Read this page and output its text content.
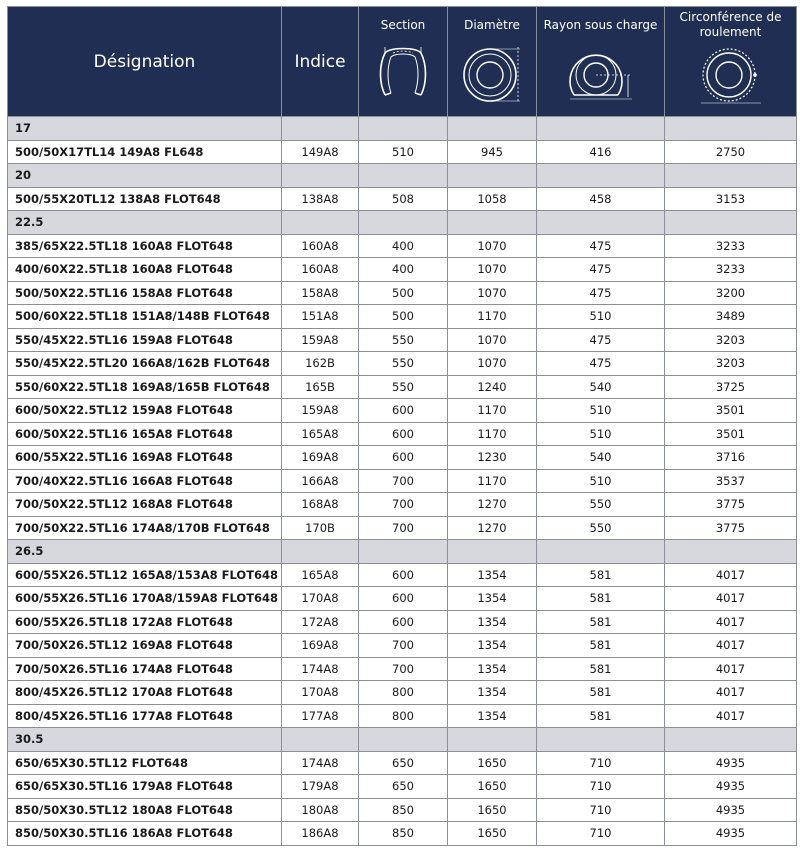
Désignation	Indice	Section	Diamètre	Rayon sous charge	Circonférence de roulement

17					
500/50X17TL14 149A8 FL648	149A8	510	945	416	2750
20					
500/55X20TL12 138A8 FLOT648	138A8	508	1058	458	3153
22.5					
385/65X22.5TL18 160A8 FLOT648	160A8	400	1070	475	3233
400/60X22.5TL18 160A8 FLOT648	160A8	400	1070	475	3233
500/50X22.5TL16 158A8 FLOT648	158A8	500	1070	475	3200
500/60X22.5TL18 151A8/148B FLOT648	151A8	500	1170	510	3489
550/45X22.5TL16 159A8 FLOT648	159A8	550	1070	475	3203
550/45X22.5TL20 166A8/162B FLOT648	162B	550	1070	475	3203
550/60X22.5TL18 169A8/165B FLOT648	165B	550	1240	540	3725
600/50X22.5TL12 159A8 FLOT648	159A8	600	1170	510	3501
600/50X22.5TL16 165A8 FLOT648	165A8	600	1170	510	3501
600/55X22.5TL16 169A8 FLOT648	169A8	600	1230	540	3716
700/40X22.5TL16 166A8 FLOT648	166A8	700	1170	510	3537
700/50X22.5TL12 168A8 FLOT648	168A8	700	1270	550	3775
700/50X22.5TL16 174A8/170B FLOT648	170B	700	1270	550	3775
26.5					
600/55X26.5TL12 165A8/153A8 FLOT648	165A8	600	1354	581	4017
600/55X26.5TL16 170A8/159A8 FLOT648	170A8	600	1354	581	4017
600/55X26.5TL18 172A8 FLOT648	172A8	600	1354	581	4017
700/50X26.5TL12 169A8 FLOT648	169A8	700	1354	581	4017
700/50X26.5TL16 174A8 FLOT648	174A8	700	1354	581	4017
800/45X26.5TL12 170A8 FLOT648	170A8	800	1354	581	4017
800/45X26.5TL16 177A8 FLOT648	177A8	800	1354	581	4017
30.5					
650/65X30.5TL12 FLOT648	174A8	650	1650	710	4935
650/65X30.5TL16 179A8 FLOT648	179A8	650	1650	710	4935
850/50X30.5TL12 180A8 FLOT648	180A8	850	1650	710	4935
850/50X30.5TL16 186A8 FLOT648	186A8	850	1650	710	4935
